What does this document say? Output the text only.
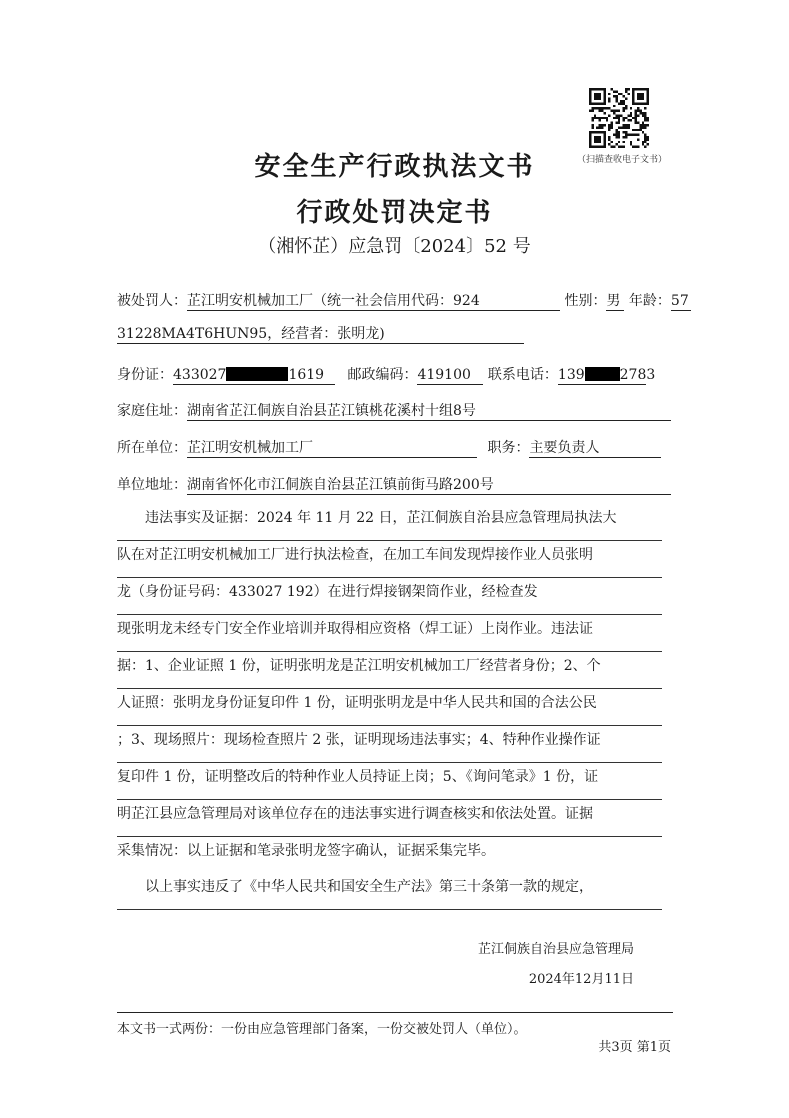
（扫描查收电子文书）
安全生产行政执法文书
行政处罚决定书
（湘怀芷）应急罚〔2024〕52 号
被处罚人：芷江明安机械加工厂（统一社会信用代码：924	性别：男 年龄：57
31228MA4T6HUN95，经营者：张明龙)
身份证：433027	1619 邮政编码：419100 联系电话：139	2783
家庭住址：湖南省芷江侗族自治县芷江镇桃花溪村十组8号
所在单位：芷江明安机械加工厂	职务：主要负责人
单位地址：湖南省怀化市江侗族自治县芷江镇前街马路200号
违法事实及证据：2024 年 11 月 22 日，芷江侗族自治县应急管理局执法大
队在对芷江明安机械加工厂进行执法检查，在加工车间发现焊接作业人员张明
龙（身份证号码：433027 192）在进行焊接钢架筒作业，经检查发
现张明龙未经专门安全作业培训并取得相应资格（焊工证）上岗作业。违法证
据：1、企业证照 1 份，证明张明龙是芷江明安机械加工厂经营者身份；2、个
人证照：张明龙身份证复印件 1 份，证明张明龙是中华人民共和国的合法公民
；3、现场照片：现场检查照片 2 张，证明现场违法事实；4、特种作业操作证
复印件 1 份，证明整改后的特种作业人员持证上岗；5、《询问笔录》1 份，证
明芷江县应急管理局对该单位存在的违法事实进行调查核实和依法处置。证据
采集情况：以上证据和笔录张明龙签字确认，证据采集完毕。
以上事实违反了《中华人民共和国安全生产法》第三十条第一款的规定，
芷江侗族自治县应急管理局
2024年12月11日
本文书一式两份：一份由应急管理部门备案，一份交被处罚人（单位）。
共3页 第1页
